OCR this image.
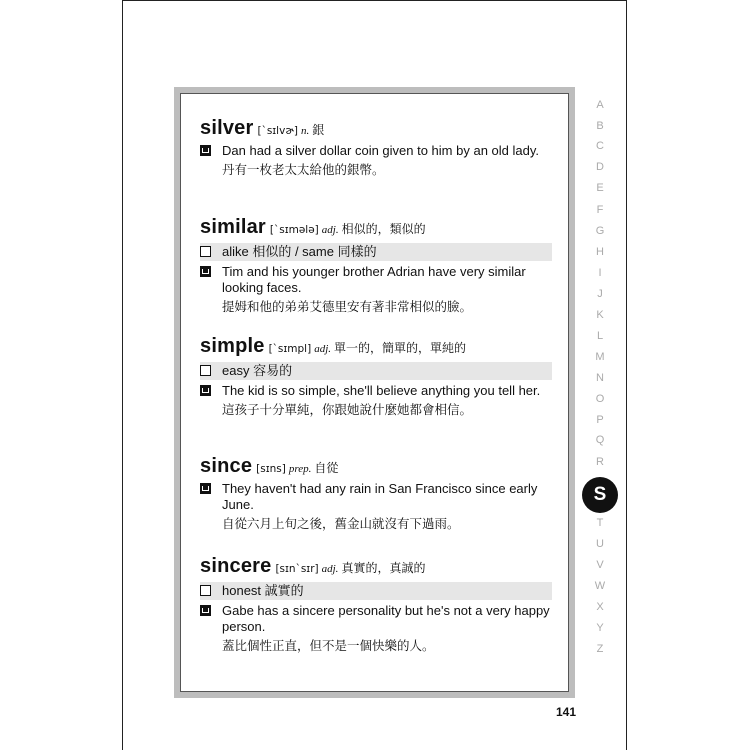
silver [ˋsɪlvɚ] n. 銀
Dan had a silver dollar coin given to him by an old lady.
丹有一枚老太太給他的銀幣。
similar [ˋsɪmələ] adj. 相似的，類似的
alike 相似的 / same 同樣的
Tim and his younger brother Adrian have very similar looking faces.
提姆和他的弟弟艾德里安有著非常相似的臉。
simple [ˋsɪmpl] adj. 單一的，簡單的，單純的
easy 容易的
The kid is so simple, she'll believe anything you tell her.
這孩子十分單純，你跟她說什麼她都會相信。
since [sɪns] prep. 自從
They haven't had any rain in San Francisco since early June.
自從六月上旬之後，舊金山就沒有下過雨。
sincere [sɪnˋsɪr] adj. 真實的，真誠的
honest 誠實的
Gabe has a sincere personality but he's not a very happy person.
蓋比個性正直，但不是一個快樂的人。
A
B
C
D
E
F
G
H
I
J
K
L
M
N
O
P
Q
R
S
T
U
V
W
X
Y
Z
141
